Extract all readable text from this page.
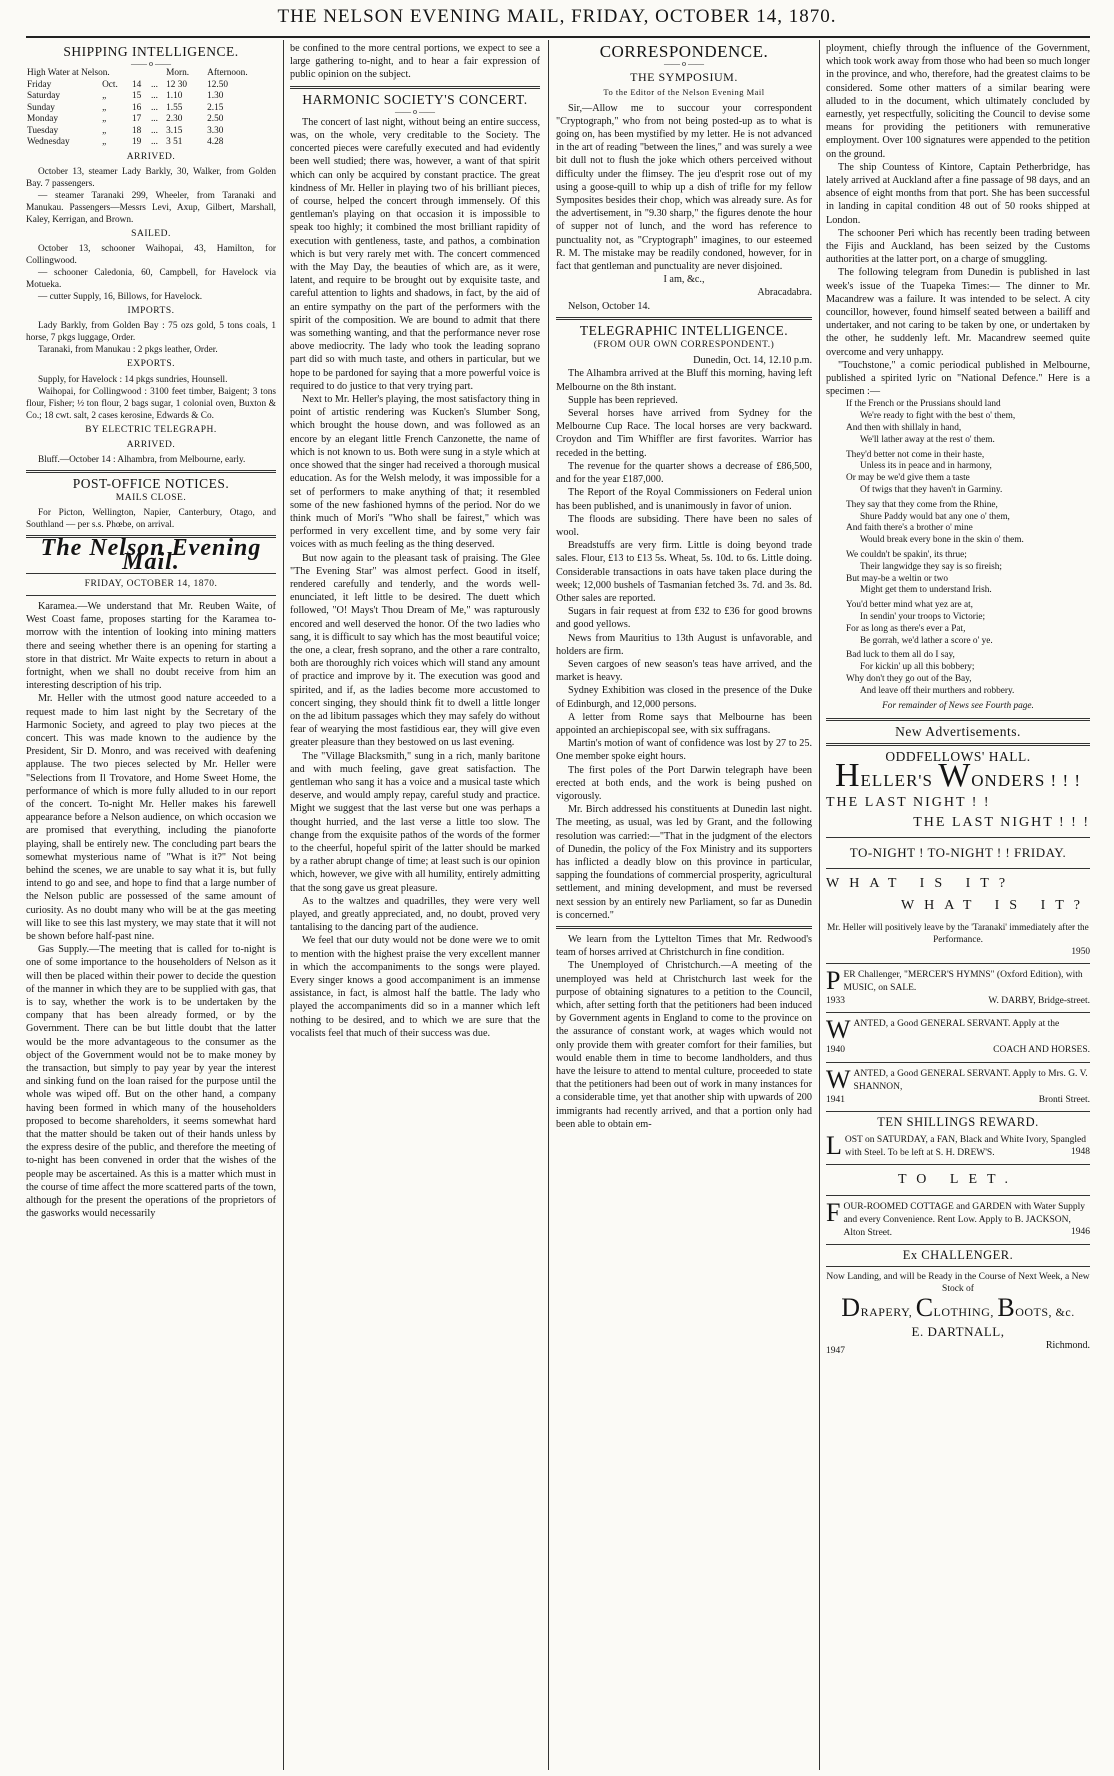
THE NELSON EVENING MAIL, FRIDAY, OCTOBER 14, 1870.
SHIPPING INTELLIGENCE.
—— o ——
High Water at Nelson.				Morn.	Afternoon.
Friday	Oct.	14	...	12 30	12.50
Saturday	„	15	...	1.10	1.30
Sunday	„	16	...	1.55	2.15
Monday	„	17	...	2.30	2.50
Tuesday	„	18	...	3.15	3.30
Wednesday	„	19	...	3 51	4.28
ARRIVED.

October 13, steamer Lady Barkly, 30, Walker, from Golden Bay. 7 passengers.

— steamer Taranaki 299, Wheeler, from Taranaki and Manukau. Passengers—Messrs Levi, Axup, Gilbert, Marshall, Kaley, Kerrigan, and Brown.

SAILED.

October 13, schooner Waihopai, 43, Hamilton, for Collingwood.

— schooner Caledonia, 60, Campbell, for Havelock via Motueka.

— cutter Supply, 16, Billows, for Havelock.

IMPORTS.

Lady Barkly, from Golden Bay : 75 ozs gold, 5 tons coals, 1 horse, 7 pkgs luggage, Order.

Taranaki, from Manukau : 2 pkgs leather, Order.

EXPORTS.

Supply, for Havelock : 14 pkgs sundries, Hounsell.

Waihopai, for Collingwood : 3100 feet timber, Baigent; 3 tons flour, Fisher; ½ ton flour, 2 bags sugar, 1 colonial oven, Buxton & Co.; 18 cwt. salt, 2 cases kerosine, Edwards & Co.

BY ELECTRIC TELEGRAPH.
ARRIVED.

Bluff.—October 14 : Alhambra, from Melbourne, early.

POST-OFFICE NOTICES.
MAILS CLOSE.

For Picton, Wellington, Napier, Canterbury, Otago, and Southland — per s.s. Phœbe, on arrival.

The Nelson Evening Mail.
FRIDAY, OCTOBER 14, 1870.

Karamea.—We understand that Mr. Reuben Waite, of West Coast fame, proposes starting for the Karamea to-morrow with the intention of looking into mining matters there and seeing whether there is an opening for starting a store in that district. Mr Waite expects to return in about a fortnight, when we shall no doubt receive from him an interesting description of his trip.

Mr. Heller with the utmost good nature acceeded to a request made to him last night by the Secretary of the Harmonic Society, and agreed to play two pieces at the concert. This was made known to the audience by the President, Sir D. Monro, and was received with deafening applause. The two pieces selected by Mr. Heller were "Selections from Il Trovatore, and Home Sweet Home, the performance of which is more fully alluded to in our report of the concert. To-night Mr. Heller makes his farewell appearance before a Nelson audience, on which occasion we are promised that everything, including the pianoforte playing, shall be entirely new. The concluding part bears the somewhat mysterious name of "What is it?" Not being behind the scenes, we are unable to say what it is, but fully intend to go and see, and hope to find that a large number of the Nelson public are possessed of the same amount of curiosity. As no doubt many who will be at the gas meeting will like to see this last mystery, we may state that it will not be shown before half-past nine.

Gas Supply.—The meeting that is called for to-night is one of some importance to the householders of Nelson as it will then be placed within their power to decide the question of the manner in which they are to be supplied with gas, that is to say, whether the work is to be undertaken by the company that has been already formed, or by the Government. There can be but little doubt that the latter would be the more advantageous to the consumer as the object of the Government would not be to make money by the transaction, but simply to pay year by year the interest and sinking fund on the loan raised for the purpose until the whole was wiped off. But on the other hand, a company having been formed in which many of the householders proposed to become shareholders, it seems somewhat hard that the matter should be taken out of their hands unless by the express desire of the public, and therefore the meeting of to-night has been convened in order that the wishes of the people may be ascertained. As this is a matter which must in the course of time affect the more scattered parts of the town, although for the present the operations of the proprietors of the gasworks would necessarily

be confined to the more central portions, we expect to see a large gathering to-night, and to hear a fair expression of public opinion on the subject.

HARMONIC SOCIETY'S CONCERT.
—— o ——

The concert of last night, without being an entire success, was, on the whole, very creditable to the Society. The concerted pieces were carefully executed and had evidently been well studied; there was, however, a want of that spirit which can only be acquired by constant practice. The great kindness of Mr. Heller in playing two of his brilliant pieces, of course, helped the concert through immensely. Of this gentleman's playing on that occasion it is impossible to speak too highly; it combined the most brilliant rapidity of execution with gentleness, taste, and pathos, a combination which is but very rarely met with. The concert commenced with the May Day, the beauties of which are, as it were, latent, and require to be brought out by exquisite taste, and careful attention to lights and shadows, in fact, by the aid of an entire sympathy on the part of the performers with the spirit of the composition. We are bound to admit that there was something wanting, and that the performance never rose above mediocrity. The lady who took the leading soprano part did so with much taste, and others in particular, but we hope to be pardoned for saying that a more powerful voice is required to do justice to that very trying part.

Next to Mr. Heller's playing, the most satisfactory thing in point of artistic rendering was Kucken's Slumber Song, which brought the house down, and was followed as an encore by an elegant little French Canzonette, the name of which is not known to us. Both were sung in a style which at once showed that the singer had received a thorough musical education. As for the Welsh melody, it was impossible for a set of performers to make anything of that; it resembled some of the new fashioned hymns of the period. Nor do we think much of Mori's "Who shall be fairest," which was performed in very excellent time, and by some very fair voices with as much feeling as the thing deserved.

But now again to the pleasant task of praising. The Glee "The Evening Star" was almost perfect. Good in itself, rendered carefully and tenderly, and the words well-enunciated, it left little to be desired. The duett which followed, "O! Mays't Thou Dream of Me," was rapturously encored and well deserved the honor. Of the two ladies who sang, it is difficult to say which has the most beautiful voice; the one, a clear, fresh soprano, and the other a rare contralto, both are thoroughly rich voices which will stand any amount of practice and improve by it. The execution was good and spirited, and if, as the ladies become more accustomed to concert singing, they should think fit to dwell a little longer on the ad libitum passages which they may safely do without fear of wearying the most fastidious ear, they will give even greater pleasure than they bestowed on us last evening.

The "Village Blacksmith," sung in a rich, manly baritone and with much feeling, gave great satisfaction. The gentleman who sang it has a voice and a musical taste which deserve, and would amply repay, careful study and practice. Might we suggest that the last verse but one was perhaps a thought hurried, and the last verse a little too slow. The change from the exquisite pathos of the words of the former to the cheerful, hopeful spirit of the latter should be marked by a rather abrupt change of time; at least such is our opinion which, however, we give with all humility, entirely admitting that the song gave us great pleasure.

As to the waltzes and quadrilles, they were very well played, and greatly appreciated, and, no doubt, proved very tantalising to the dancing part of the audience.

We feel that our duty would not be done were we to omit to mention with the highest praise the very excellent manner in which the accompaniments to the songs were played. Every singer knows a good accompaniment is an immense assistance, in fact, is almost half the battle. The lady who played the accompaniments did so in a manner which left nothing to be desired, and to which we are sure that the vocalists feel that much of their success was due.

CORRESPONDENCE.
—— o ——
THE SYMPOSIUM.
To the Editor of the Nelson Evening Mail

Sir,—Allow me to succour your correspondent "Cryptograph," who from not being posted-up as to what is going on, has been mystified by my letter. He is not advanced in the art of reading "between the lines," and was surely a wee bit dull not to flush the joke which others perceived without difficulty under the flimsey. The jeu d'esprit rose out of my using a goose-quill to whip up a dish of trifle for my fellow Symposites besides their chop, which was already sure. As for the advertisement, in "9.30 sharp," the figures denote the hour of supper not of lunch, and the word has reference to punctuality not, as "Cryptograph" imagines, to our esteemed R. M. The mistake may be readily condoned, however, for in fact that gentleman and punctuality are never disjoined.

I am, &c.,

Abracadabra.

Nelson, October 14.

TELEGRAPHIC INTELLIGENCE.
(FROM OUR OWN CORRESPONDENT.)

Dunedin, Oct. 14, 12.10 p.m.

The Alhambra arrived at the Bluff this morning, having left Melbourne on the 8th instant.

Supple has been reprieved.

Several horses have arrived from Sydney for the Melbourne Cup Race. The local horses are very backward. Croydon and Tim Whiffler are first favorites. Warrior has receded in the betting.

The revenue for the quarter shows a decrease of £86,500, and for the year £187,000.

The Report of the Royal Commissioners on Federal union has been published, and is unanimously in favor of union.

The floods are subsiding. There have been no sales of wool.

Breadstuffs are very firm. Little is doing beyond trade sales. Flour, £13 to £13 5s. Wheat, 5s. 10d. to 6s. Little doing. Considerable transactions in oats have taken place during the week; 12,000 bushels of Tasmanian fetched 3s. 7d. and 3s. 8d. Other sales are reported.

Sugars in fair request at from £32 to £36 for good browns and good yellows.

News from Mauritius to 13th August is unfavorable, and holders are firm.

Seven cargoes of new season's teas have arrived, and the market is heavy.

Sydney Exhibition was closed in the presence of the Duke of Edinburgh, and 12,000 persons.

A letter from Rome says that Melbourne has been appointed an archiepiscopal see, with six suffragans.

Martin's motion of want of confidence was lost by 27 to 25. One member spoke eight hours.

The first poles of the Port Darwin telegraph have been erected at both ends, and the work is being pushed on vigorously.

Mr. Birch addressed his constituents at Dunedin last night. The meeting, as usual, was led by Grant, and the following resolution was carried:—"That in the judgment of the electors of Dunedin, the policy of the Fox Ministry and its supporters has inflicted a deadly blow on this province in particular, sapping the foundations of commercial prosperity, agricultural settlement, and mining development, and must be reversed next session by an entirely new Parliament, so far as Dunedin is concerned."

We learn from the Lyttelton Times that Mr. Redwood's team of horses arrived at Christchurch in fine condition.

The Unemployed of Christchurch.—A meeting of the unemployed was held at Christchurch last week for the purpose of obtaining signatures to a petition to the Council, which, after setting forth that the petitioners had been induced by Government agents in England to come to the province on the assurance of constant work, at wages which would not only provide them with greater comfort for their families, but would enable them in time to become landholders, and thus have the leisure to attend to mental culture, proceeded to state that the petitioners had been out of work in many instances for a considerable time, yet that another ship with upwards of 200 immigrants had recently arrived, and that a portion only had been able to obtain em-

ployment, chiefly through the influence of the Government, which took work away from those who had been so much longer in the province, and who, therefore, had the greatest claims to be considered. Some other matters of a similar bearing were alluded to in the document, which ultimately concluded by earnestly, yet respectfully, soliciting the Council to devise some means for providing the petitioners with remunerative employment. Over 100 signatures were appended to the petition on the ground.

The ship Countess of Kintore, Captain Petherbridge, has lately arrived at Auckland after a fine passage of 98 days, and an absence of eight months from that port. She has been successful in landing in capital condition 48 out of 50 rooks shipped at London.

The schooner Peri which has recently been trading between the Fijis and Auckland, has been seized by the Customs authorities at the latter port, on a charge of smuggling.

The following telegram from Dunedin is published in last week's issue of the Tuapeka Times:— The dinner to Mr. Macandrew was a failure. It was intended to be select. A city councillor, however, found himself seated between a bailiff and undertaker, and not caring to be taken by one, or undertaken by the other, he suddenly left. Mr. Macandrew seemed quite overcome and very unhappy.

"Touchstone," a comic periodical published in Melbourne, published a spirited lyric on "National Defence." Here is a specimen :—

If the French or the Prussians should land
We're ready to fight with the best o' them,
And then with shillaly in hand,
We'll lather away at the rest o' them.
They'd better not come in their haste,
Unless its in peace and in harmony,
Or may be we'd give them a taste
Of twigs that they haven't in Garminy.
They say that they come from the Rhine,
Shure Paddy would bat any one o' them,
And faith there's a brother o' mine
Would break every bone in the skin o' them.
We couldn't be spakin', its thrue;
Their langwidge they say is so fireish;
But may-be a weltin or two
Might get them to understand Irish.
You'd better mind what yez are at,
In sendin' your troops to Victorie;
For as long as there's ever a Pat,
Be gorrah, we'd lather a score o' ye.
Bad luck to them all do I say,
For kickin' up all this bobbery;
Why don't they go out of the Bay,
And leave off their murthers and robbery.
For remainder of News see Fourth page.
New Advertisements.
ODDFELLOWS' HALL.
HELLER'S WONDERS ! ! !
THE LAST NIGHT ! !
THE LAST NIGHT ! ! !
TO-NIGHT ! TO-NIGHT ! ! FRIDAY.
WHAT IS IT?
WHAT IS IT?

Mr. Heller will positively leave by the 'Taranaki' immediately after the Performance.

1950

PER Challenger, "MERCER'S HYMNS" (Oxford Edition), with MUSIC, on SALE.
1933	W. DARBY, Bridge-street.

WANTED, a Good GENERAL SERVANT. Apply at the
1940	COACH AND HORSES.

WANTED, a Good GENERAL SERVANT. Apply to Mrs. G. V. SHANNON,
1941	Bronti Street.

TEN SHILLINGS REWARD.
LOST on SATURDAY, a FAN, Black and White Ivory, Spangled with Steel. To be left at S. H. DREW'S.	1948
TO LET.
FOUR-ROOMED COTTAGE and GARDEN with Water Supply and every Convenience. Rent Low. Apply to B. JACKSON, Alton Street.	1946
Ex CHALLENGER.

Now Landing, and will be Ready in the Course of Next Week, a New Stock of

DRAPERY, CLOTHING, BOOTS, &c.
E. DARTNALL,
1947	Richmond.
